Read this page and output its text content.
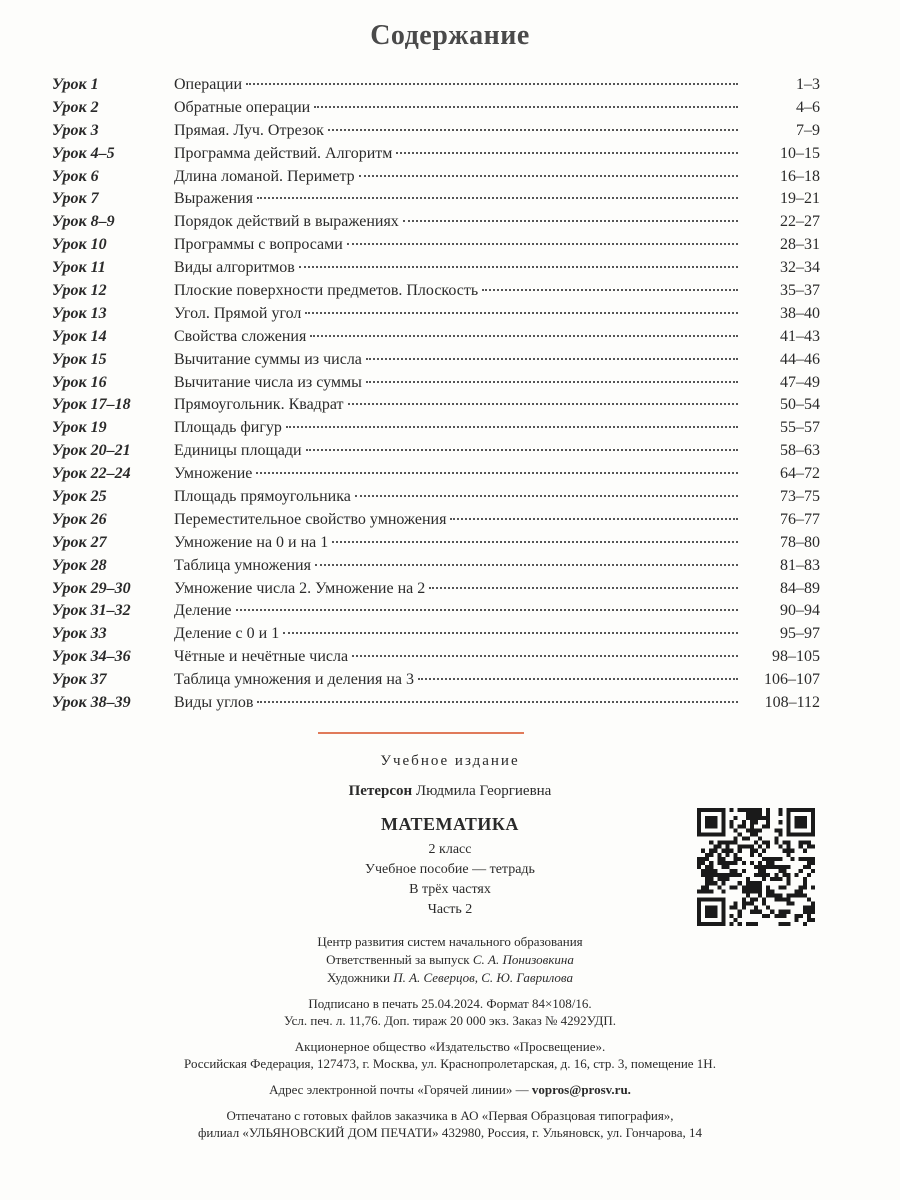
Содержание
Урок 1	Операции	1–3
Урок 2	Обратные операции	4–6
Урок 3	Прямая. Луч. Отрезок	7–9
Урок 4–5	Программа действий. Алгоритм	10–15
Урок 6	Длина ломаной. Периметр	16–18
Урок 7	Выражения	19–21
Урок 8–9	Порядок действий в выражениях	22–27
Урок 10	Программы с вопросами	28–31
Урок 11	Виды алгоритмов	32–34
Урок 12	Плоские поверхности предметов. Плоскость	35–37
Урок 13	Угол. Прямой угол	38–40
Урок 14	Свойства сложения	41–43
Урок 15	Вычитание суммы из числа	44–46
Урок 16	Вычитание числа из суммы	47–49
Урок 17–18	Прямоугольник. Квадрат	50–54
Урок 19	Площадь фигур	55–57
Урок 20–21	Единицы площади	58–63
Урок 22–24	Умножение	64–72
Урок 25	Площадь прямоугольника	73–75
Урок 26	Переместительное свойство умножения	76–77
Урок 27	Умножение на 0 и на 1	78–80
Урок 28	Таблица умножения	81–83
Урок 29–30	Умножение числа 2. Умножение на 2	84–89
Урок 31–32	Деление	90–94
Урок 33	Деление с 0 и 1	95–97
Урок 34–36	Чётные и нечётные числа	98–105
Урок 37	Таблица умножения и деления на 3	106–107
Урок 38–39	Виды углов	108–112
Учебное издание
Петерсон Людмила Георгиевна
МАТЕМАТИКА
2 класс
Учебное пособие — тетрадь
В трёх частях
Часть 2
Центр развития систем начального образования
Ответственный за выпуск С. А. Понизовкина
Художники П. А. Северцов, С. Ю. Гаврилова
Подписано в печать 25.04.2024. Формат 84×108/16.
Усл. печ. л. 11,76. Доп. тираж 20 000 экз. Заказ № 4292УДП.
Акционерное общество «Издательство «Просвещение».
Российская Федерация, 127473, г. Москва, ул. Краснопролетарская, д. 16, стр. 3, помещение 1Н.
Адрес электронной почты «Горячей линии» — vopros@prosv.ru.
Отпечатано с готовых файлов заказчика в АО «Первая Образцовая типография»,
филиал «УЛЬЯНОВСКИЙ ДОМ ПЕЧАТИ» 432980, Россия, г. Ульяновск, ул. Гончарова, 14
